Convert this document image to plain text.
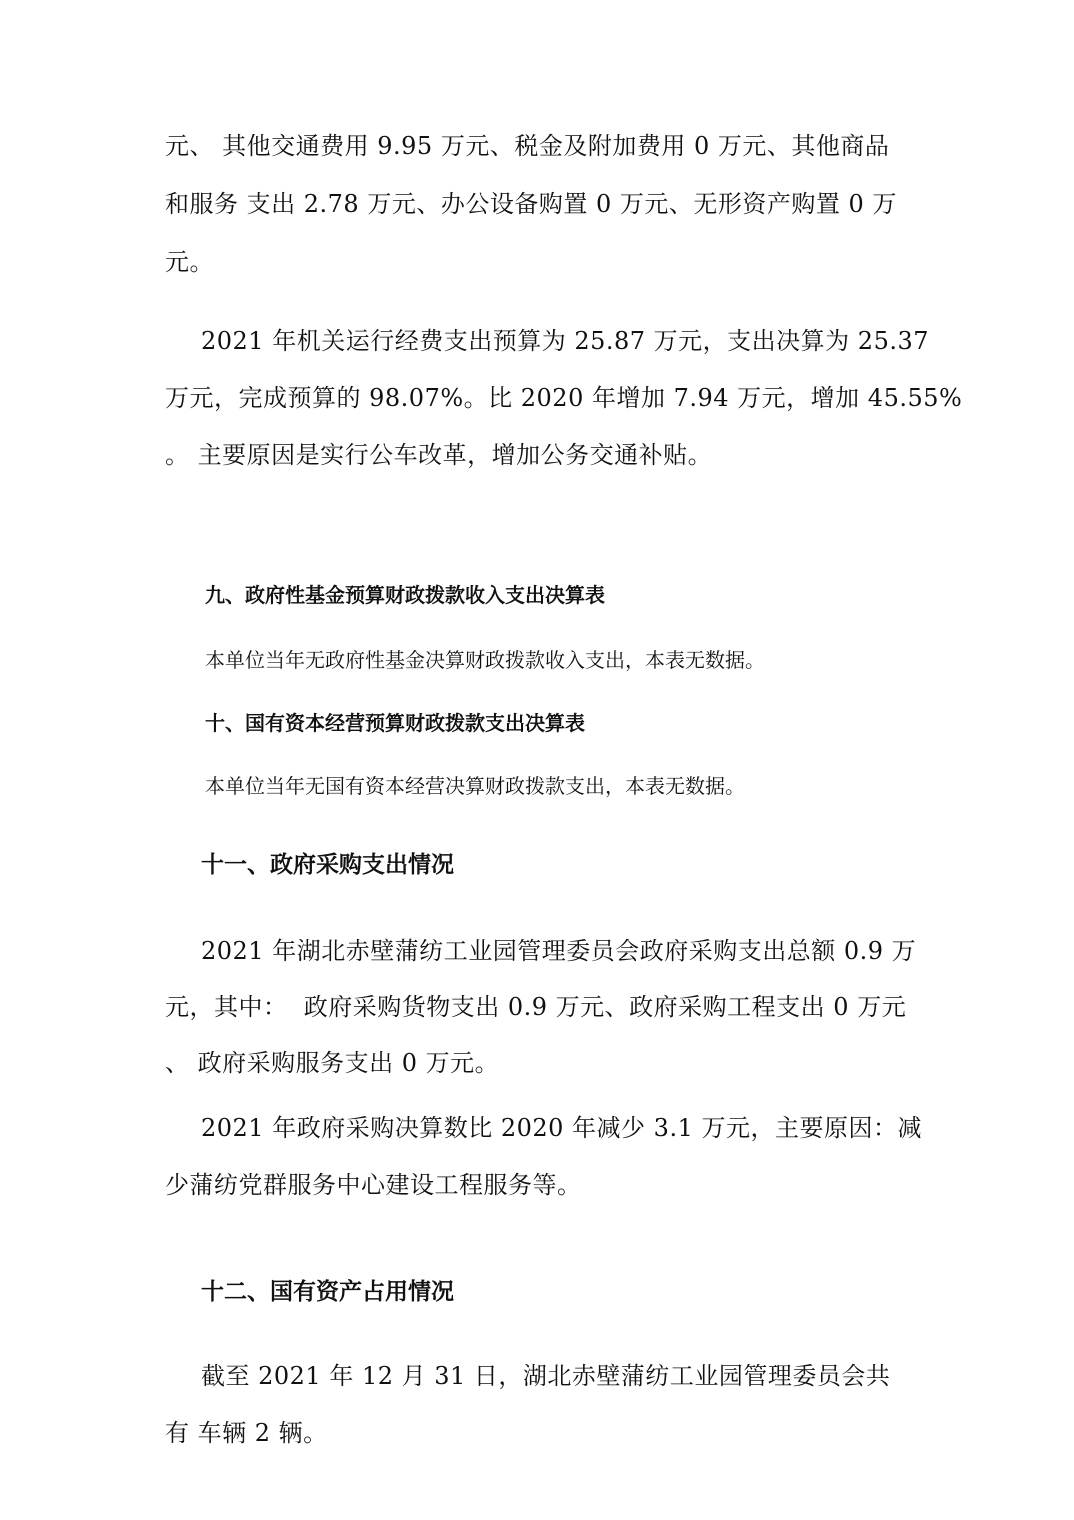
元、 其他交通费用 9.95 万元、税金及附加费用 0 万元、其他商品
和服务 支出 2.78 万元、办公设备购置 0 万元、无形资产购置 0 万
元。
2021 年机关运行经费支出预算为 25.87 万元，支出决算为 25.37
万元，完成预算的 98.07%。比 2020 年增加 7.94 万元，增加 45.55%
。 主要原因是实行公车改革，增加公务交通补贴。
九、政府性基金预算财政拨款收入支出决算表
本单位当年无政府性基金决算财政拨款收入支出，本表无数据。
十、国有资本经营预算财政拨款支出决算表
本单位当年无国有资本经营决算财政拨款支出，本表无数据。
十一、政府采购支出情况
2021 年湖北赤壁蒲纺工业园管理委员会政府采购支出总额 0.9 万
元，其中：  政府采购货物支出 0.9 万元、政府采购工程支出 0 万元
、 政府采购服务支出 0 万元。
2021 年政府采购决算数比 2020 年减少 3.1 万元，主要原因：减
少蒲纺党群服务中心建设工程服务等。
十二、国有资产占用情况
截至 2021 年 12 月 31 日，湖北赤壁蒲纺工业园管理委员会共
有 车辆 2 辆。
